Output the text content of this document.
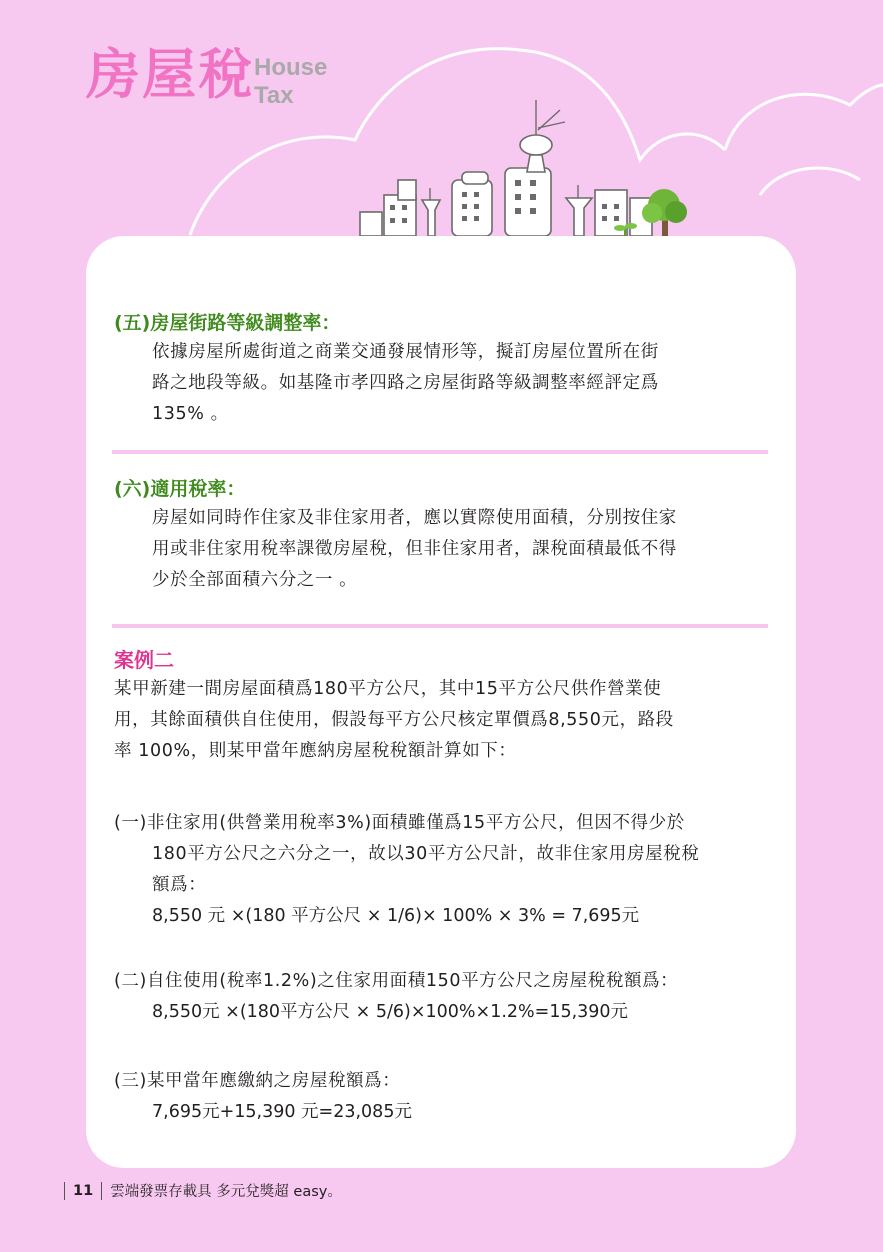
房屋稅 House
Tax
(五)房屋街路等級調整率：
依據房屋所處街道之商業交通發展情形等，擬訂房屋位置所在街
路之地段等級。如基隆市孝四路之房屋街路等級調整率經評定爲
135% 。
(六)適用稅率：
房屋如同時作住家及非住家用者，應以實際使用面積，分別按住家
用或非住家用稅率課徵房屋稅，但非住家用者，課稅面積最低不得
少於全部面積六分之一 。
案例二
某甲新建一間房屋面積爲180平方公尺，其中15平方公尺供作營業使
用，其餘面積供自住使用，假設每平方公尺核定單價爲8,550元，路段
率 100%，則某甲當年應納房屋稅稅額計算如下：
(一)非住家用(供營業用稅率3%)面積雖僅爲15平方公尺，但因不得少於
180平方公尺之六分之一，故以30平方公尺計，故非住家用房屋稅稅
額爲：
8,550 元 ×(180 平方公尺 × 1/6)× 100% × 3% = 7,695元
(二)自住使用(稅率1.2%)之住家用面積150平方公尺之房屋稅稅額爲：
8,550元 ×(180平方公尺 × 5/6)×100%×1.2%=15,390元
(三)某甲當年應繳納之房屋稅額爲：
7,695元+15,390 元=23,085元
11 雲端發票存載具 多元兌獎超 easy。
